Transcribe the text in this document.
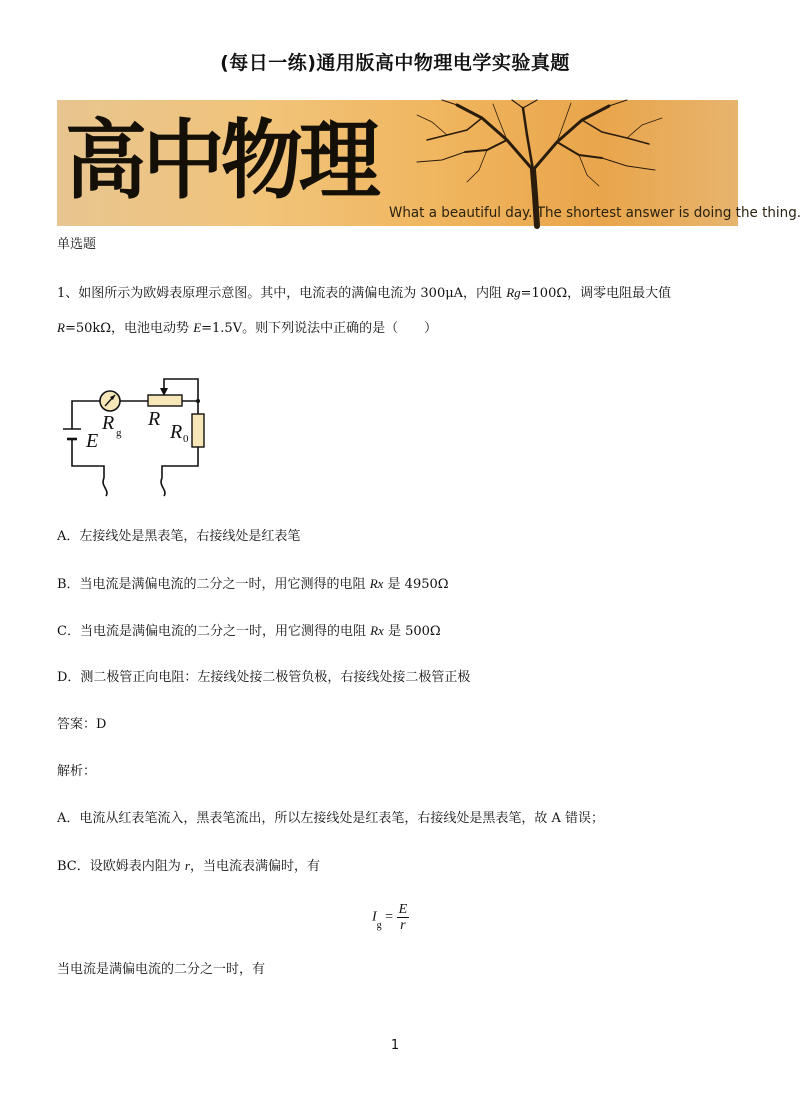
(每日一练)通用版高中物理电学实验真题
高中物理
What a beautiful day. The shortest answer is doing the thing.
单选题
1、如图所示为欧姆表原理示意图。其中，电流表的满偏电流为 300μA，内阻 Rg=100Ω，调零电阻最大值
R=50kΩ，电池电动势 E=1.5V。则下列说法中正确的是（　　）
R g
R
R 0
E
A．左接线处是黑表笔，右接线处是红表笔
B．当电流是满偏电流的二分之一时，用它测得的电阻 Rx 是 4950Ω
C．当电流是满偏电流的二分之一时，用它测得的电阻 Rx 是 500Ω
D．测二极管正向电阻：左接线处接二极管负极，右接线处接二极管正极
答案：D
解析：
A．电流从红表笔流入，黑表笔流出，所以左接线处是红表笔，右接线处是黑表笔，故 A 错误；
BC．设欧姆表内阻为 r，当电流表满偏时，有
$I_g = \frac{E}{r}$
当电流是满偏电流的二分之一时，有
1
